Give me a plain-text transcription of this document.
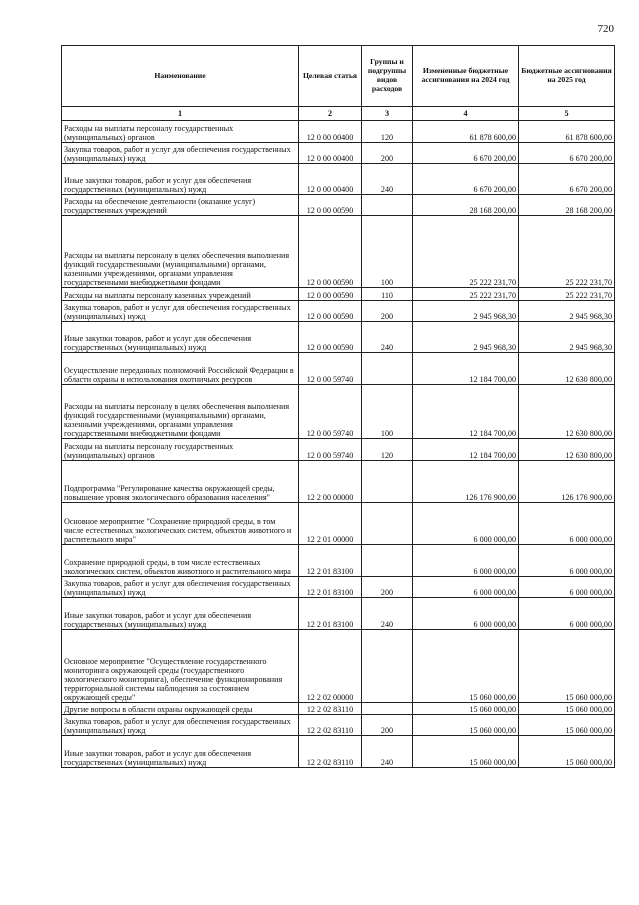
720
Наименование	Целевая статья	Группы и подгруппы видов расходов	Измененные бюджетные ассигнования на 2024 год	Бюджетные ассигнования на 2025 год
1	2	3	4	5
Расходы на выплаты персоналу государственных (муниципальных) органов	12 0 00 00400	120	61 878 600,00	61 878 600,00
Закупка товаров, работ и услуг для обеспечения государственных (муниципальных) нужд	12 0 00 00400	200	6 670 200,00	6 670 200,00
Иные закупки товаров, работ и услуг для обеспечения государственных (муниципальных) нужд	12 0 00 00400	240	6 670 200,00	6 670 200,00
Расходы на обеспечение деятельности (оказание услуг) государственных учреждений	12 0 00 00590		28 168 200,00	28 168 200,00
Расходы на выплаты персоналу в целях обеспечения выполнения функций государственными (муниципальными) органами, казенными учреждениями, органами управления государственными внебюджетными фондами	12 0 00 00590	100	25 222 231,70	25 222 231,70
Расходы на выплаты персоналу казенных учреждений	12 0 00 00590	110	25 222 231,70	25 222 231,70
Закупка товаров, работ и услуг для обеспечения государственных (муниципальных) нужд	12 0 00 00590	200	2 945 968,30	2 945 968,30
Иные закупки товаров, работ и услуг для обеспечения государственных (муниципальных) нужд	12 0 00 00590	240	2 945 968,30	2 945 968,30
Осуществление переданных полномочий Российской Федерации в области охраны и использования охотничьих ресурсов	12 0 00 59740		12 184 700,00	12 630 800,00
Расходы на выплаты персоналу в целях обеспечения выполнения функций государственными (муниципальными) органами, казенными учреждениями, органами управления государственными внебюджетными фондами	12 0 00 59740	100	12 184 700,00	12 630 800,00
Расходы на выплаты персоналу государственных (муниципальных) органов	12 0 00 59740	120	12 184 700,00	12 630 800,00
Подпрограмма "Регулирование качества окружающей среды, повышение уровня экологического образования населения"	12 2 00 00000		126 176 900,00	126 176 900,00
Основное мероприятие "Сохранение природной среды, в том числе естественных экологических систем, объектов животного и растительного мира"	12 2 01 00000		6 000 000,00	6 000 000,00
Сохранение природной среды, в том числе естественных экологических систем, объектов животного и растительного мира	12 2 01 83100		6 000 000,00	6 000 000,00
Закупка товаров, работ и услуг для обеспечения государственных (муниципальных) нужд	12 2 01 83100	200	6 000 000,00	6 000 000,00
Иные закупки товаров, работ и услуг для обеспечения государственных (муниципальных) нужд	12 2 01 83100	240	6 000 000,00	6 000 000,00
Основное мероприятие "Осуществление государственного мониторинга окружающей среды (государственного экологического мониторинга), обеспечение функционирования территориальной системы наблюдения за состоянием окружающей среды"	12 2 02 00000		15 060 000,00	15 060 000,00
Другие вопросы в области охраны окружающей среды	12 2 02 83110		15 060 000,00	15 060 000,00
Закупка товаров, работ и услуг для обеспечения государственных (муниципальных) нужд	12 2 02 83110	200	15 060 000,00	15 060 000,00
Иные закупки товаров, работ и услуг для обеспечения государственных (муниципальных) нужд	12 2 02 83110	240	15 060 000,00	15 060 000,00
